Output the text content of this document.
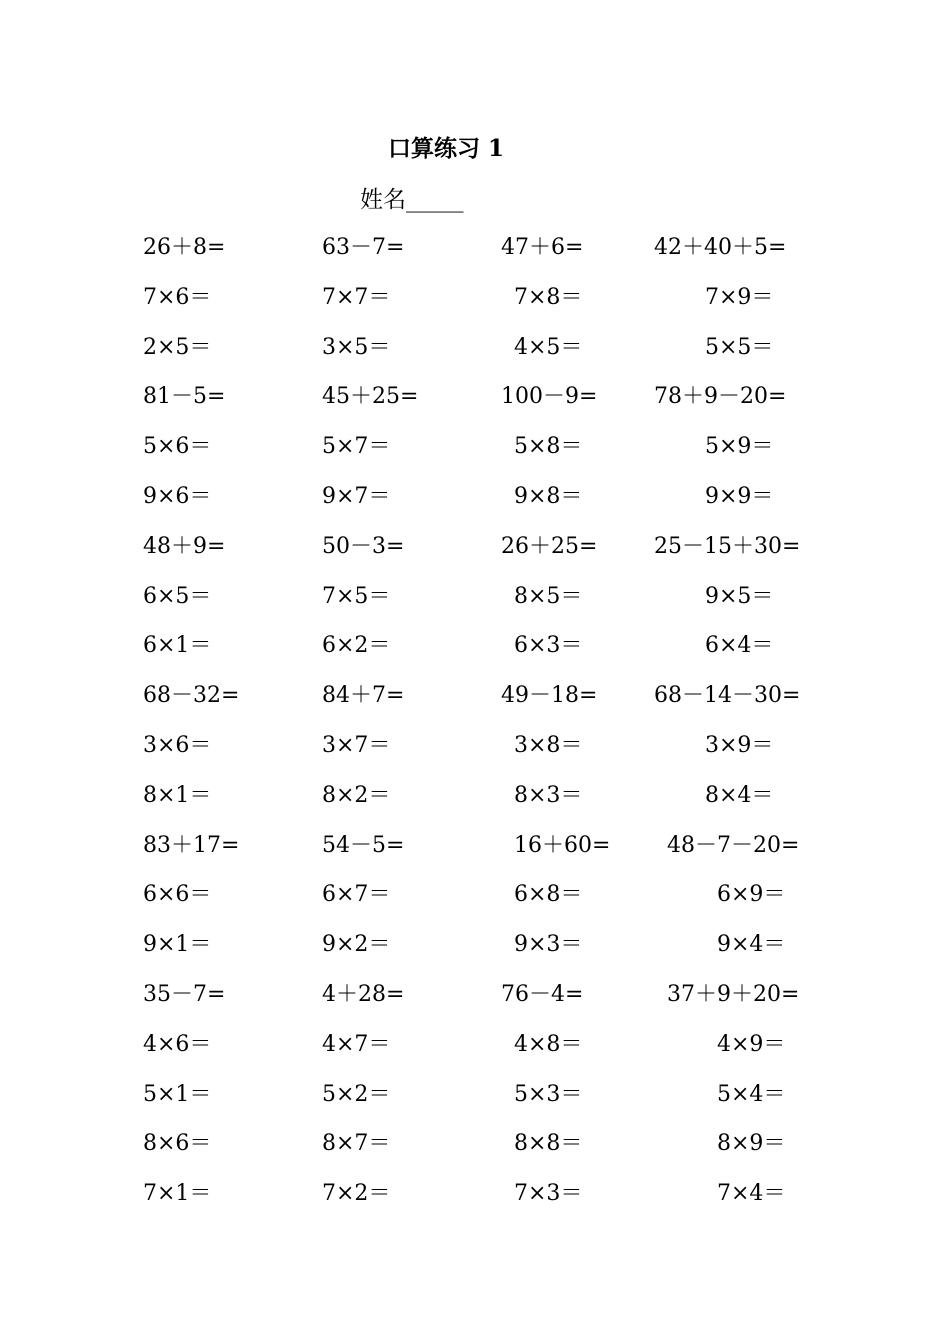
口算练习 1
姓名_____
26＋8=	63－7=	47＋6=	42＋40＋5=
7×6＝	7×7＝	7×8＝	7×9＝
2×5＝	3×5＝	4×5＝	5×5＝
81－5=	45＋25=	100－9=	78＋9－20=
5×6＝	5×7＝	5×8＝	5×9＝
9×6＝	9×7＝	9×8＝	9×9＝
48＋9=	50－3=	26＋25=	25－15＋30=
6×5＝	7×5＝	8×5＝	9×5＝
6×1＝	6×2＝	6×3＝	6×4＝
68－32=	84＋7=	49－18=	68－14－30=
3×6＝	3×7＝	3×8＝	3×9＝
8×1＝	8×2＝	8×3＝	8×4＝
83＋17=	54－5=	16＋60=	48－7－20=
6×6＝	6×7＝	6×8＝	6×9＝
9×1＝	9×2＝	9×3＝	9×4＝
35－7=	4＋28=	76－4=	37＋9＋20=
4×6＝	4×7＝	4×8＝	4×9＝
5×1＝	5×2＝	5×3＝	5×4＝
8×6＝	8×7＝	8×8＝	8×9＝
7×1＝	7×2＝	7×3＝	7×4＝
